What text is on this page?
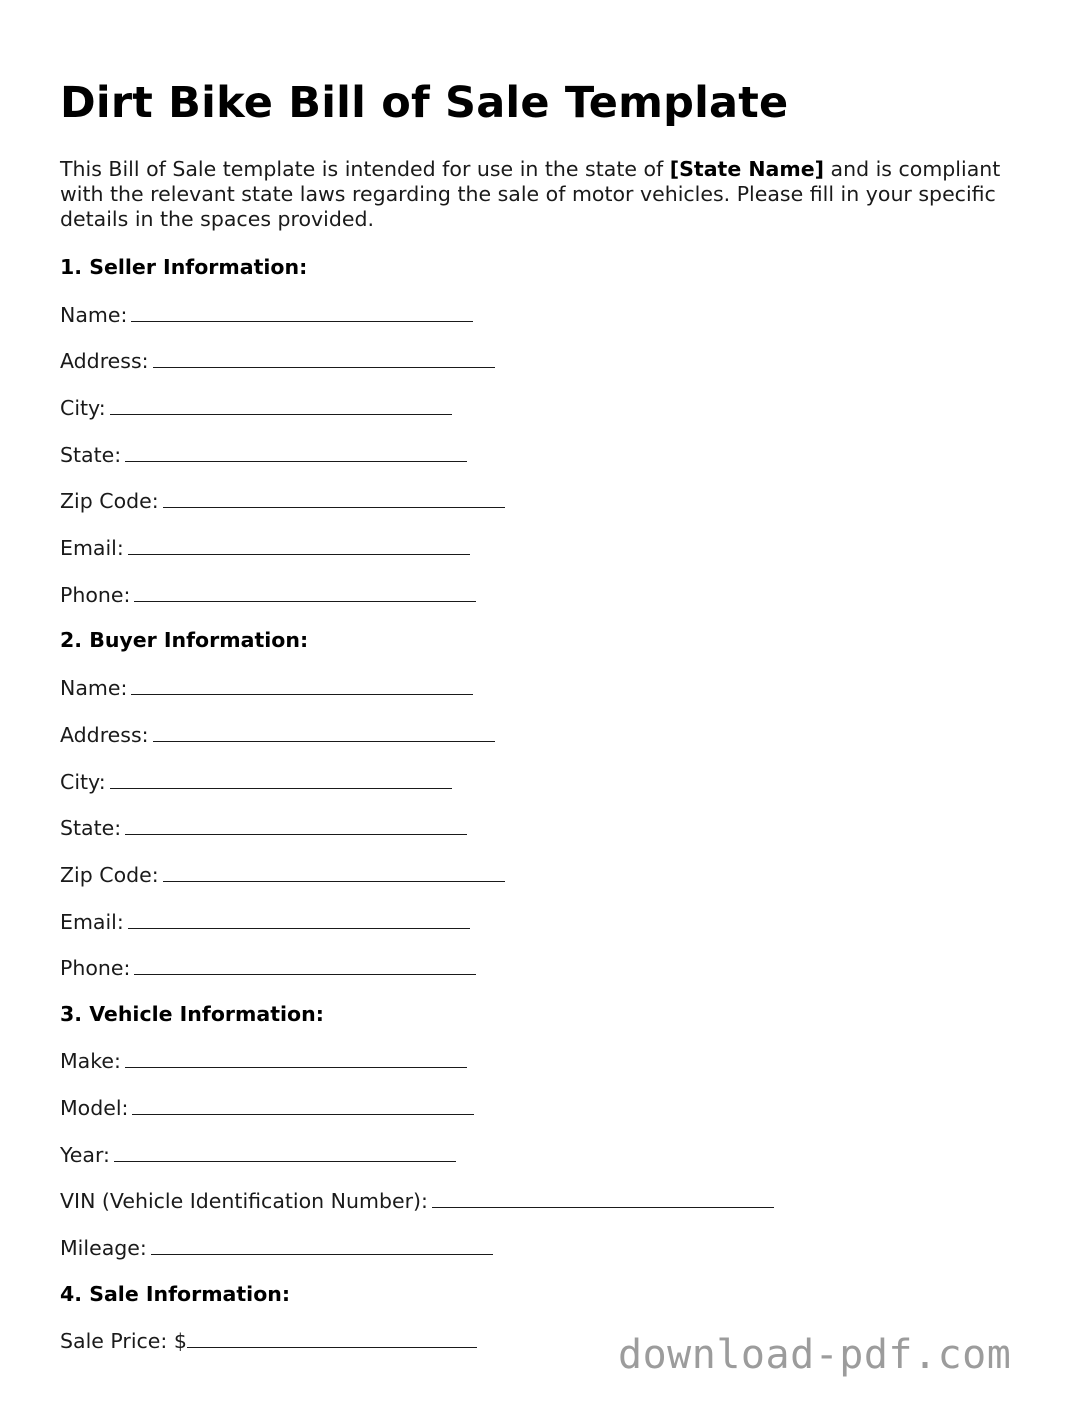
Dirt Bike Bill of Sale Template

This Bill of Sale template is intended for use in the state of [State Name] and is compliant with the relevant state laws regarding the sale of motor vehicles. Please fill in your specific details in the spaces provided.

1. Seller Information:
Name:
Address:
City:
State:
Zip Code:
Email:
Phone:
2. Buyer Information:
Name:
Address:
City:
State:
Zip Code:
Email:
Phone:
3. Vehicle Information:
Make:
Model:
Year:
VIN (Vehicle Identification Number):
Mileage:
4. Sale Information:
Sale Price: $	download-pdf.com
